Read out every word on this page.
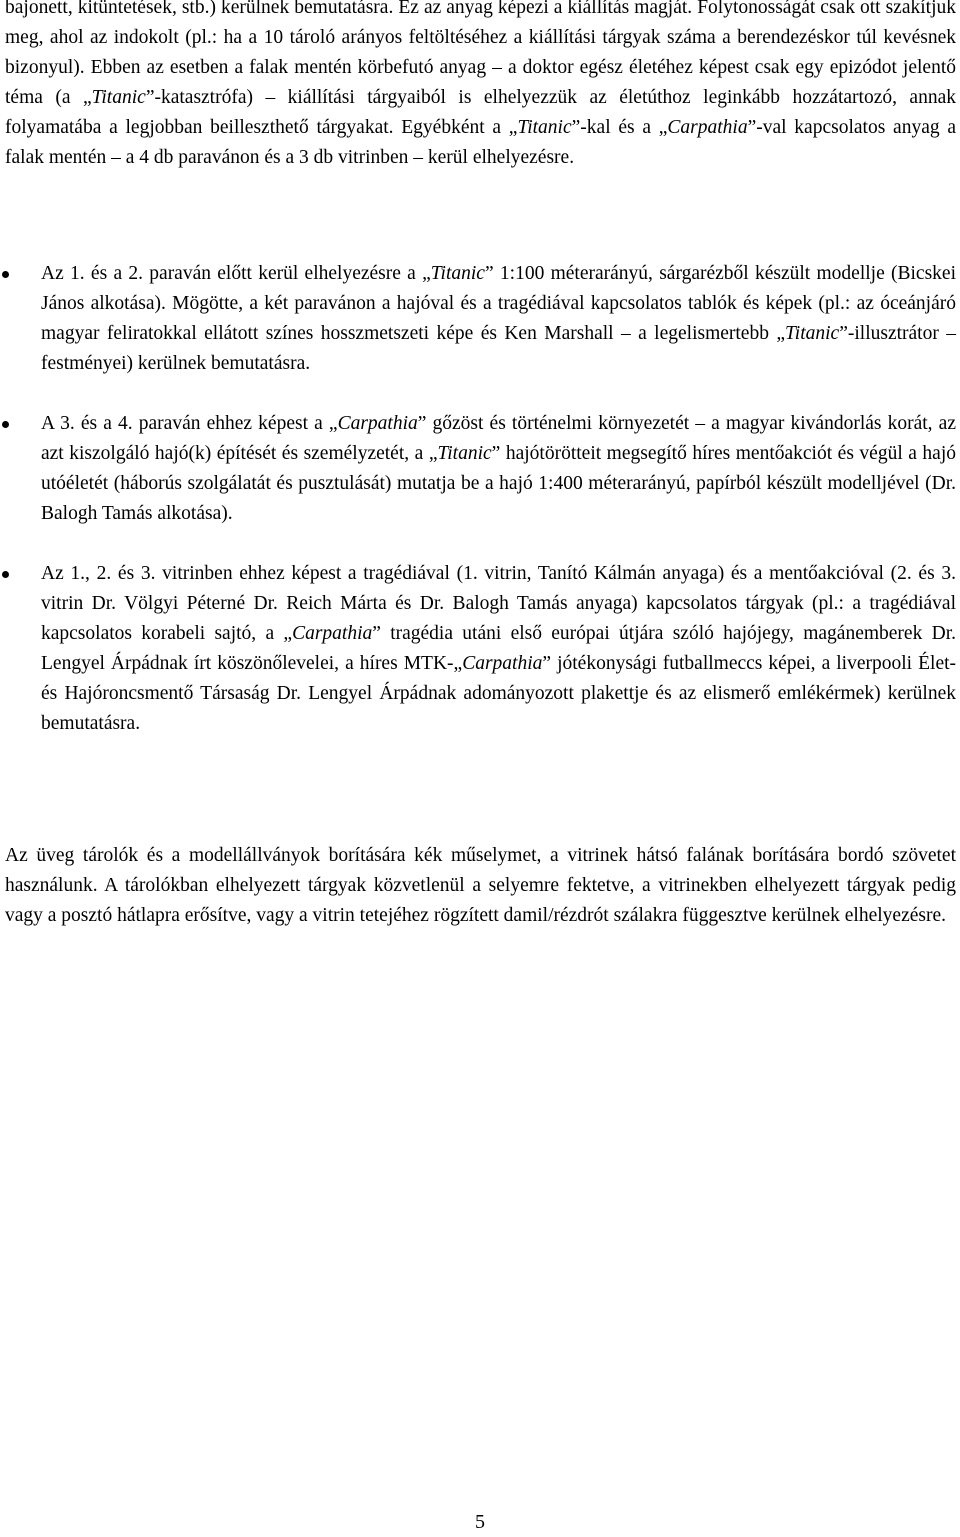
bajonett, kitüntetések, stb.) kerülnek bemutatásra. Ez az anyag képezi a kiállítás magját. Folytonosságát csak ott szakítjuk meg, ahol az indokolt (pl.: ha a 10 tároló arányos feltöltéséhez a kiállítási tárgyak száma a berendezéskor túl kevésnek bizonyul). Ebben az esetben a falak mentén körbefutó anyag – a doktor egész életéhez képest csak egy epizódot jelentő téma (a „Titanic”-katasztrófa) – kiállítási tárgyaiból is elhelyezzük az életúthoz leginkább hozzátartozó, annak folyamatába a legjobban beilleszthető tárgyakat. Egyébként a „Titanic”-kal és a „Carpathia”-val kapcsolatos anyag a falak mentén – a 4 db paravánon és a 3 db vitrinben – kerül elhelyezésre.

Az 1. és a 2. paraván előtt kerül elhelyezésre a „Titanic” 1:100 méterarányú, sárgarézből készült modellje (Bicskei János alkotása). Mögötte, a két paravánon a hajóval és a tragédiával kapcsolatos tablók és képek (pl.: az óceánjáró magyar feliratokkal ellátott színes hosszmetszeti képe és Ken Marshall – a legelismertebb „Titanic”-illusztrátor – festményei) kerülnek bemutatásra.
A 3. és a 4. paraván ehhez képest a „Carpathia” gőzöst és történelmi környezetét – a magyar kivándorlás korát, az azt kiszolgáló hajó(k) építését és személyzetét, a „Titanic” hajótörötteit megsegítő híres mentőakciót és végül a hajó utóéletét (háborús szolgálatát és pusztulását) mutatja be a hajó 1:400 méterarányú, papírból készült modelljével (Dr. Balogh Tamás alkotása).
Az 1., 2. és 3. vitrinben ehhez képest a tragédiával (1. vitrin, Tanító Kálmán anyaga) és a mentőakcióval (2. és 3. vitrin Dr. Völgyi Péterné Dr. Reich Márta és Dr. Balogh Tamás anyaga) kapcsolatos tárgyak (pl.: a tragédiával kapcsolatos korabeli sajtó, a „Carpathia” tragédia utáni első európai útjára szóló hajójegy, magánemberek Dr. Lengyel Árpádnak írt köszönőlevelei, a híres MTK-„Carpathia” jótékonysági futballmeccs képei, a liverpooli Élet- és Hajóroncsmentő Társaság Dr. Lengyel Árpádnak adományozott plakettje és az elismerő emlékérmek) kerülnek bemutatásra.

Az üveg tárolók és a modellállványok borítására kék műselymet, a vitrinek hátsó falának borítására bordó szövetet használunk. A tárolókban elhelyezett tárgyak közvetlenül a selyemre fektetve, a vitrinekben elhelyezett tárgyak pedig vagy a posztó hátlapra erősítve, vagy a vitrin tetejéhez rögzített damil/rézdrót szálakra függesztve kerülnek elhelyezésre.

5
